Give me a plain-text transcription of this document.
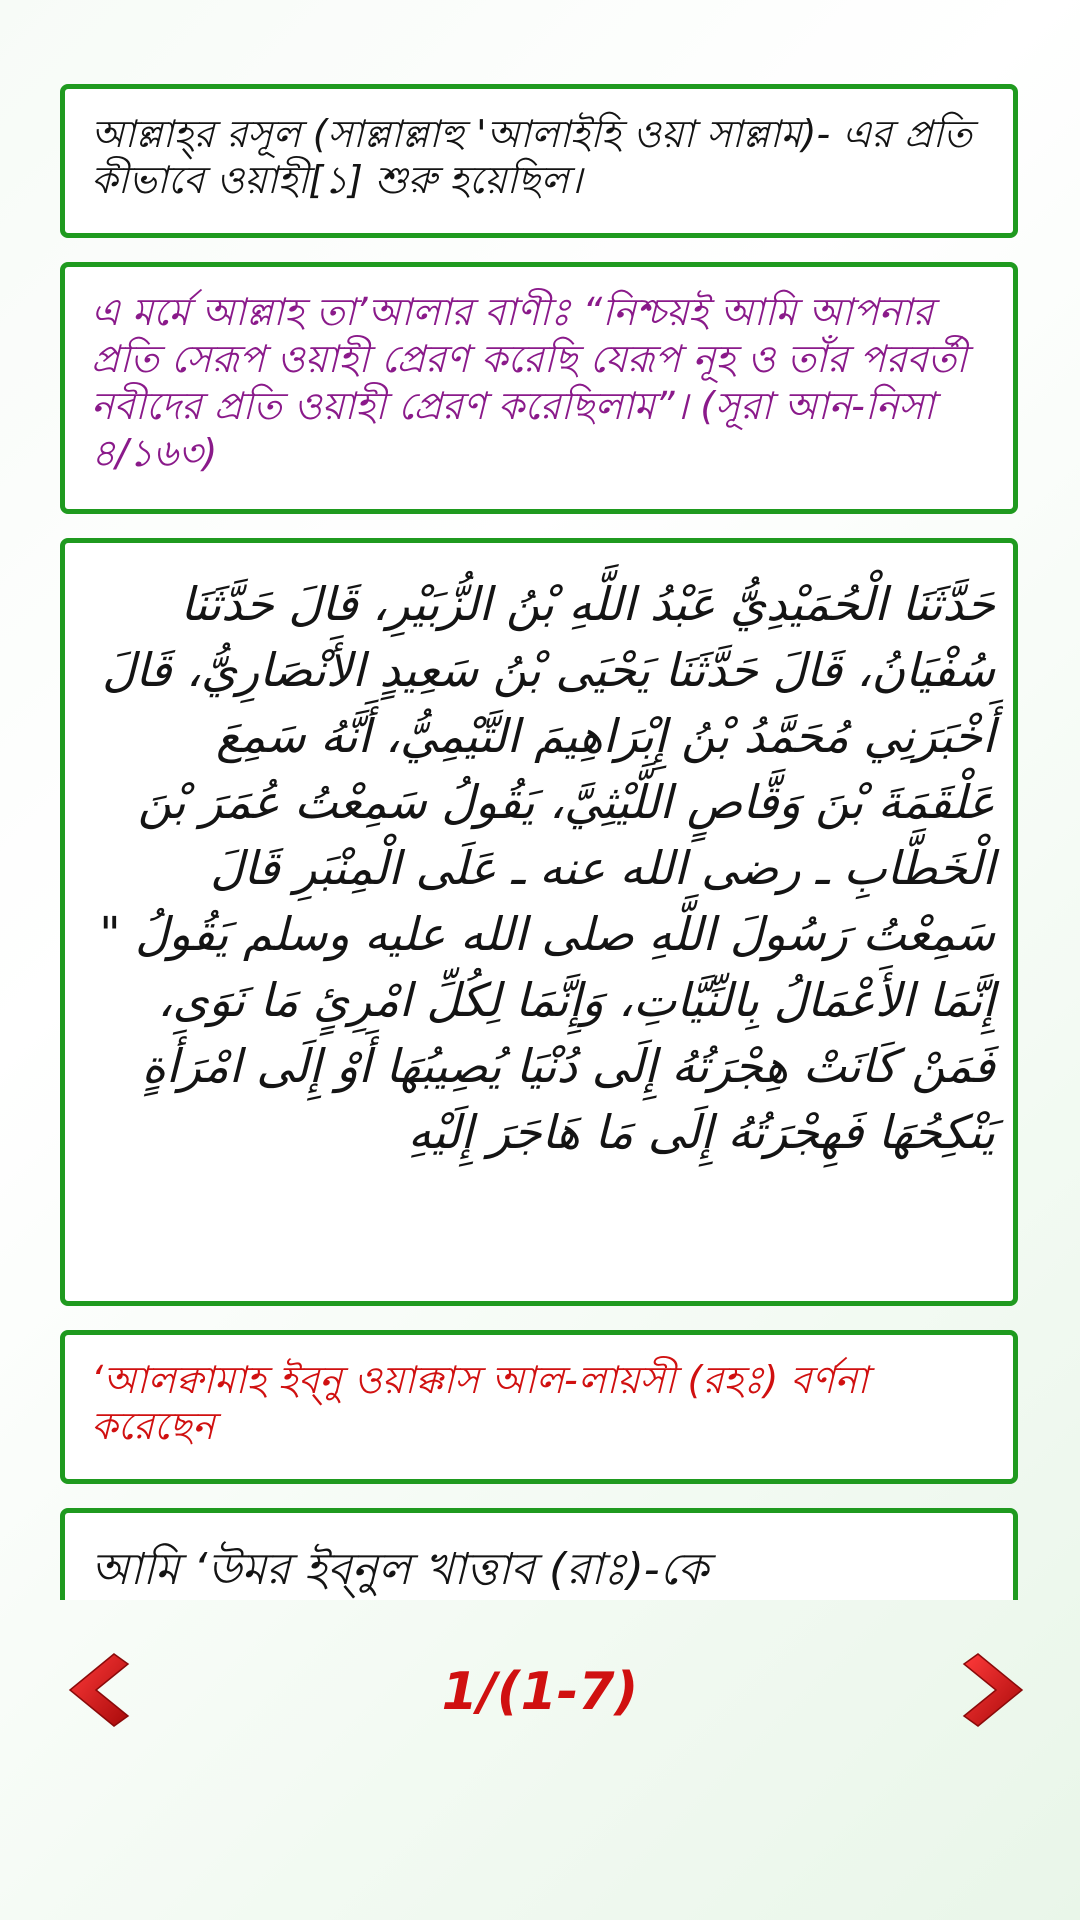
আল্লাহ্‌র রসূল (সাল্লাল্লাহু 'আলাইহি ওয়া সাল্লাম)- এর প্রতি কীভাবে ওয়াহী[১] শুরু হয়েছিল।
এ মর্মে আল্লাহ তা’আলার বাণীঃ “নিশ্চয়ই আমি আপনার প্রতি সেরূপ ওয়াহী প্রেরণ করেছি যেরূপ নূহ ও তাঁর পরবর্তী নবীদের প্রতি ওয়াহী প্রেরণ করেছিলাম”। (সূরা আন-নিসা ৪/১৬৩)
حَدَّثَنَا الْحُمَيْدِيُّ عَبْدُ اللَّهِ بْنُ الزُّبَيْرِ، قَالَ حَدَّثَنَا سُفْيَانُ، قَالَ حَدَّثَنَا يَحْيَى بْنُ سَعِيدٍ الأَنْصَارِيُّ، قَالَ أَخْبَرَنِي مُحَمَّدُ بْنُ إِبْرَاهِيمَ التَّيْمِيُّ، أَنَّهُ سَمِعَ عَلْقَمَةَ بْنَ وَقَّاصٍ اللَّيْثِيَّ، يَقُولُ سَمِعْتُ عُمَرَ بْنَ الْخَطَّابِ ـ رضى الله عنه ـ عَلَى الْمِنْبَرِ قَالَ سَمِعْتُ رَسُولَ اللَّهِ صلى الله عليه وسلم يَقُولُ " إِنَّمَا الأَعْمَالُ بِالنِّيَّاتِ، وَإِنَّمَا لِكُلِّ امْرِئٍ مَا نَوَى، فَمَنْ كَانَتْ هِجْرَتُهُ إِلَى دُنْيَا يُصِيبُهَا أَوْ إِلَى امْرَأَةٍ يَنْكِحُهَا فَهِجْرَتُهُ إِلَى مَا هَاجَرَ إِلَيْهِ
‘আলক্বামাহ ইব্‌নু ওয়াক্কাস আল-লায়সী (রহঃ) বর্ণনা করেছেন
আমি ‘উমর ইব্‌নুল খাত্তাব (রাঃ)-কে
1/(1-7)
